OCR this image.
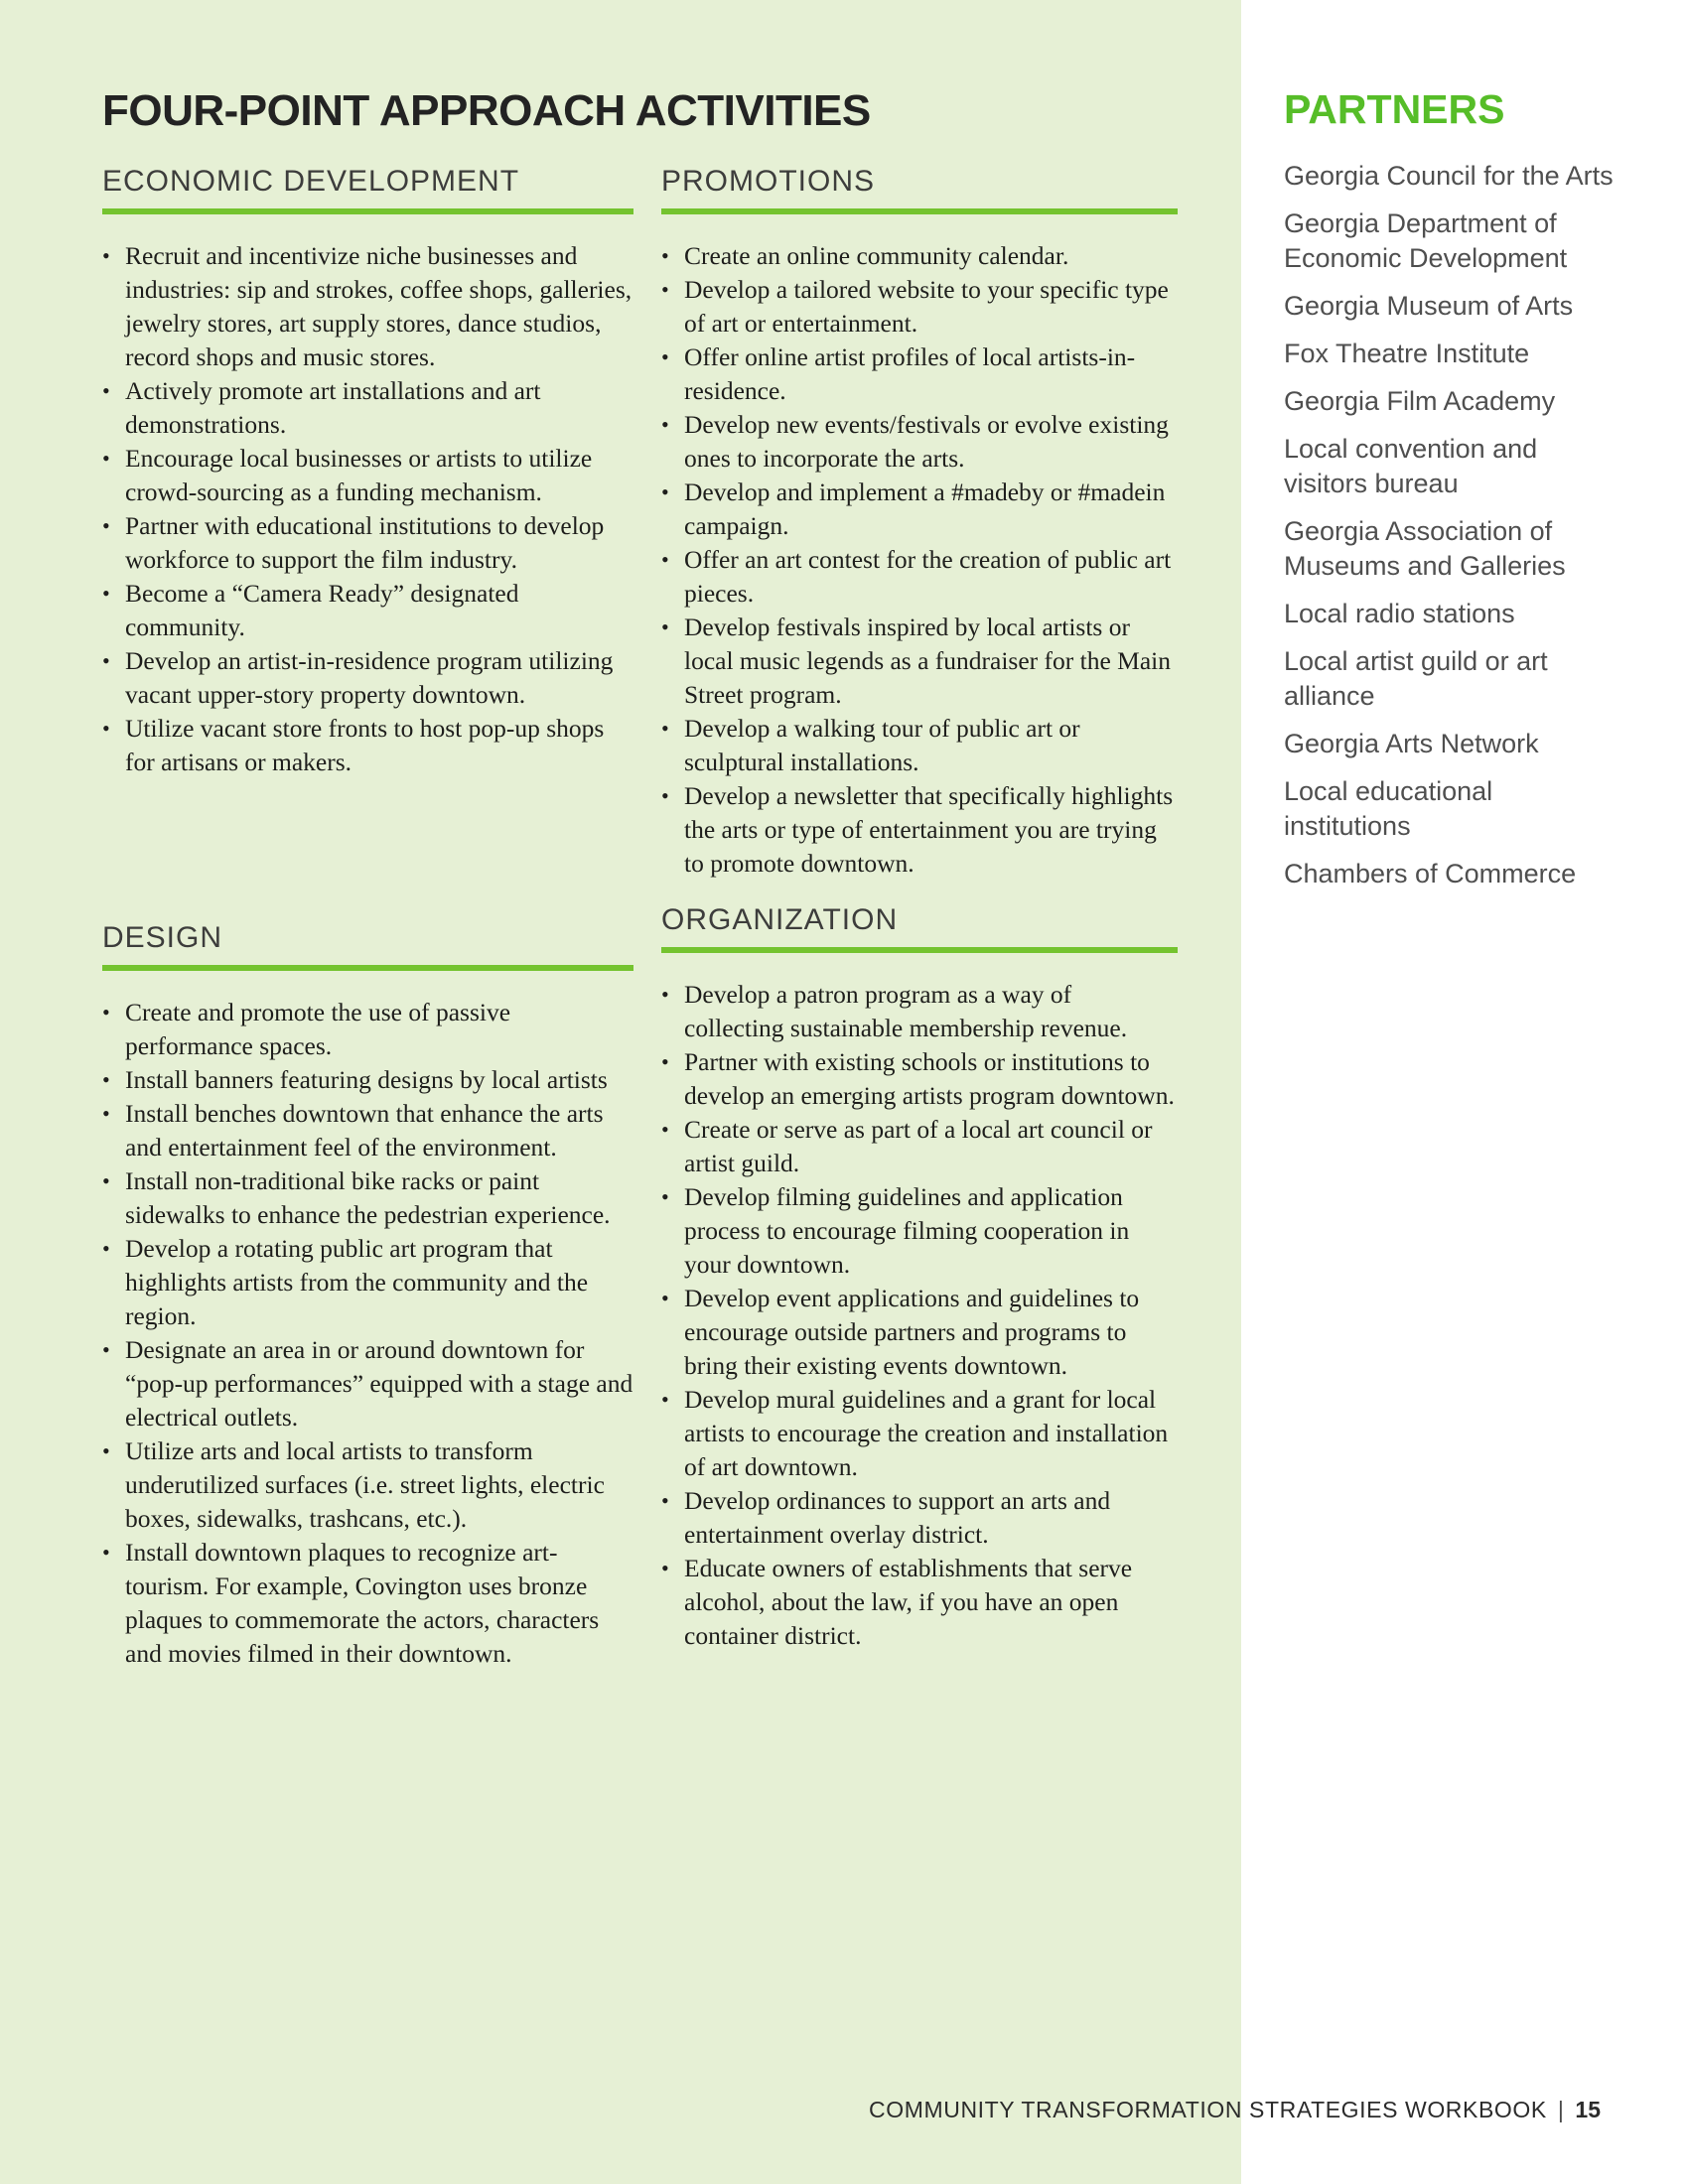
FOUR-POINT APPROACH ACTIVITIES
ECONOMIC DEVELOPMENT
• Recruit and incentivize niche businesses and industries: sip and strokes, coffee shops, galleries, jewelry stores, art supply stores, dance studios, record shops and music stores.
• Actively promote art installations and art demonstrations.
• Encourage local businesses or artists to utilize crowd-sourcing as a funding mechanism.
• Partner with educational institutions to develop workforce to support the film industry.
• Become a “Camera Ready” designated community.
• Develop an artist-in-residence program utilizing vacant upper-story property downtown.
• Utilize vacant store fronts to host pop-up shops for artisans or makers.
DESIGN
• Create and promote the use of passive performance spaces.
• Install banners featuring designs by local artists
• Install benches downtown that enhance the arts and entertainment feel of the environment.
• Install non-traditional bike racks or paint sidewalks to enhance the pedestrian experience.
• Develop a rotating public art program that highlights artists from the community and the region.
• Designate an area in or around downtown for “pop-up performances” equipped with a stage and electrical outlets.
• Utilize arts and local artists to transform underutilized surfaces (i.e. street lights, electric boxes, sidewalks, trashcans, etc.).
• Install downtown plaques to recognize art-tourism. For example, Covington uses bronze plaques to commemorate the actors, characters and movies filmed in their downtown.
PROMOTIONS
• Create an online community calendar.
• Develop a tailored website to your specific type of art or entertainment.
• Offer online artist profiles of local artists-in-residence.
• Develop new events/festivals or evolve existing ones to incorporate the arts.
• Develop and implement a #madeby or #madein campaign.
• Offer an art contest for the creation of public art pieces.
• Develop festivals inspired by local artists or local music legends as a fundraiser for the Main Street program.
• Develop a walking tour of public art or sculptural installations.
• Develop a newsletter that specifically highlights the arts or type of entertainment you are trying to promote downtown.
ORGANIZATION
• Develop a patron program as a way of collecting sustainable membership revenue.
• Partner with existing schools or institutions to develop an emerging artists program downtown.
• Create or serve as part of a local art council or artist guild.
• Develop filming guidelines and application process to encourage filming cooperation in your downtown.
• Develop event applications and guidelines to encourage outside partners and programs to bring their existing events downtown.
• Develop mural guidelines and a grant for local artists to encourage the creation and installation of art downtown.
• Develop ordinances to support an arts and entertainment overlay district.
• Educate owners of establishments that serve alcohol, about the law, if you have an open container district.
PARTNERS
Georgia Council for the Arts
Georgia Department of Economic Development
Georgia Museum of Arts
Fox Theatre Institute
Georgia Film Academy
Local convention and visitors bureau
Georgia Association of Museums and Galleries
Local radio stations
Local artist guild or art alliance
Georgia Arts Network
Local educational institutions
Chambers of Commerce
COMMUNITY TRANSFORMATION STRATEGIES WORKBOOK | 15
